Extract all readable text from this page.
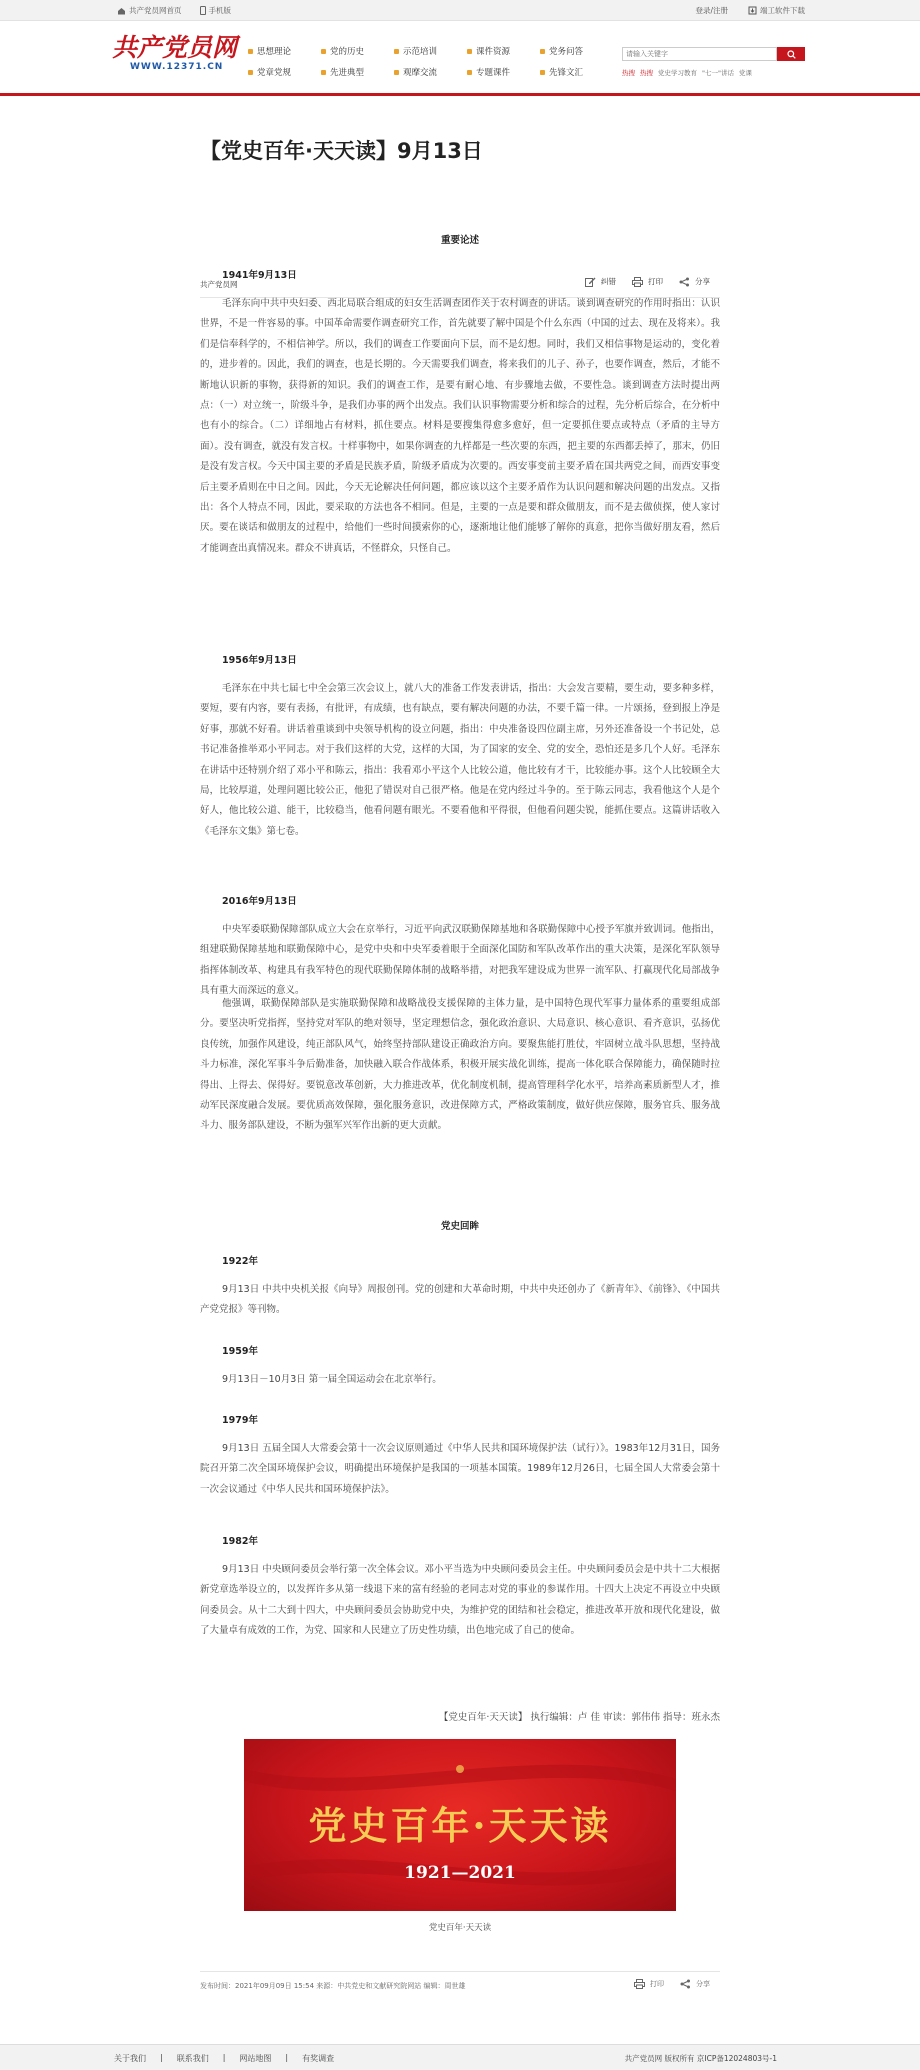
共产党员网首页	手机版	登录/注册	端工软件下载
共产党员网
WWW.12371.CN
思想理论	党的历史	示范培训	课件资源	党务问答
党章党规	先进典型	观摩交流	专题课件	先锋文汇
请输入关键字	热搜 热搜 党史学习教育 "七一"讲话 党课
【党史百年·天天读】9月13日
共产党员网	纠错	打印	分享
重要论述
1941年9月13日

毛泽东向中共中央妇委、西北局联合组成的妇女生活调查团作关于农村调查的讲话。谈到调查研究的作用时指出：认识世界，不是一件容易的事。中国革命需要作调查研究工作，首先就要了解中国是个什么东西（中国的过去、现在及将来）。我们是信奉科学的，不相信神学。所以，我们的调查工作要面向下层，而不是幻想。同时，我们又相信事物是运动的，变化着的，进步着的。因此，我们的调查，也是长期的。今天需要我们调查，将来我们的儿子、孙子，也要作调查，然后，才能不断地认识新的事物，获得新的知识。我们的调查工作，是要有耐心地、有步骤地去做，不要性急。谈到调查方法时提出两点：（一）对立统一，阶级斗争，是我们办事的两个出发点。我们认识事物需要分析和综合的过程，先分析后综合，在分析中也有小的综合。（二）详细地占有材料，抓住要点。材料是要搜集得愈多愈好，但一定要抓住要点或特点（矛盾的主导方面）。没有调查，就没有发言权。十样事物中，如果你调查的九样都是一些次要的东西，把主要的东西都丢掉了，那末，仍旧是没有发言权。今天中国主要的矛盾是民族矛盾，阶级矛盾成为次要的。西安事变前主要矛盾在国共两党之间，而西安事变后主要矛盾则在中日之间。因此，今天无论解决任何问题，都应该以这个主要矛盾作为认识问题和解决问题的出发点。又指出：各个人特点不同，因此，要采取的方法也各不相同。但是，主要的一点是要和群众做朋友，而不是去做侦探，使人家讨厌。要在谈话和做朋友的过程中，给他们一些时间摸索你的心，逐渐地让他们能够了解你的真意，把你当做好朋友看，然后才能调查出真情况来。群众不讲真话，不怪群众，只怪自己。

1956年9月13日

毛泽东在中共七届七中全会第三次会议上，就八大的准备工作发表讲话，指出：大会发言要精，要生动，要多种多样，要短，要有内容，要有表扬，有批评，有成绩，也有缺点，要有解决问题的办法，不要千篇一律。一片颂扬，登到报上净是好事，那就不好看。讲话着重谈到中央领导机构的设立问题，指出：中央准备设四位副主席，另外还准备设一个书记处，总书记准备推举邓小平同志。对于我们这样的大党，这样的大国，为了国家的安全、党的安全，恐怕还是多几个人好。毛泽东在讲话中还特别介绍了邓小平和陈云，指出：我看邓小平这个人比较公道，他比较有才干，比较能办事。这个人比较顾全大局，比较厚道，处理问题比较公正，他犯了错误对自己很严格。他是在党内经过斗争的。至于陈云同志，我看他这个人是个好人，他比较公道、能干，比较稳当，他看问题有眼光。不要看他和平得很，但他看问题尖锐，能抓住要点。这篇讲话收入《毛泽东文集》第七卷。

2016年9月13日

中央军委联勤保障部队成立大会在京举行，习近平向武汉联勤保障基地和各联勤保障中心授予军旗并致训词。他指出，组建联勤保障基地和联勤保障中心，是党中央和中央军委着眼于全面深化国防和军队改革作出的重大决策，是深化军队领导指挥体制改革、构建具有我军特色的现代联勤保障体制的战略举措，对把我军建设成为世界一流军队、打赢现代化局部战争具有重大而深远的意义。

他强调，联勤保障部队是实施联勤保障和战略战役支援保障的主体力量，是中国特色现代军事力量体系的重要组成部分。要坚决听党指挥，坚持党对军队的绝对领导，坚定理想信念，强化政治意识、大局意识、核心意识、看齐意识，弘扬优良传统，加强作风建设，纯正部队风气，始终坚持部队建设正确政治方向。要聚焦能打胜仗，牢固树立战斗队思想，坚持战斗力标准，深化军事斗争后勤准备，加快融入联合作战体系，积极开展实战化训练，提高一体化联合保障能力，确保随时拉得出、上得去、保得好。要锐意改革创新，大力推进改革，优化制度机制，提高管理科学化水平，培养高素质新型人才，推动军民深度融合发展。要优质高效保障，强化服务意识，改进保障方式，严格政策制度，做好供应保障，服务官兵、服务战斗力、服务部队建设，不断为强军兴军作出新的更大贡献。

党史回眸
1922年

9月13日 中共中央机关报《向导》周报创刊。党的创建和大革命时期，中共中央还创办了《新青年》、《前锋》、《中国共产党党报》等刊物。

1959年

9月13日－10月3日 第一届全国运动会在北京举行。

1979年

9月13日 五届全国人大常委会第十一次会议原则通过《中华人民共和国环境保护法（试行）》。1983年12月31日，国务院召开第二次全国环境保护会议，明确提出环境保护是我国的一项基本国策。1989年12月26日，七届全国人大常委会第十一次会议通过《中华人民共和国环境保护法》。

1982年

9月13日 中央顾问委员会举行第一次全体会议。邓小平当选为中央顾问委员会主任。中央顾问委员会是中共十二大根据新党章选举设立的，以发挥许多从第一线退下来的富有经验的老同志对党的事业的参谋作用。十四大上决定不再设立中央顾问委员会。从十二大到十四大，中央顾问委员会协助党中央，为维护党的团结和社会稳定，推进改革开放和现代化建设，做了大量卓有成效的工作，为党、国家和人民建立了历史性功绩，出色地完成了自己的使命。

【党史百年·天天读】 执行编辑：卢 佳 审读：郭伟伟 指导：班永杰
党史百年·天天读
1921—2021
党史百年·天天读
发布时间：2021年09月09日 15:54 来源：中共党史和文献研究院网站 编辑：周世雄	打印	分享
关于我们 | 联系我们 | 网站地图 | 有奖调查	共产党员网 版权所有 京ICP备12024803号-1
